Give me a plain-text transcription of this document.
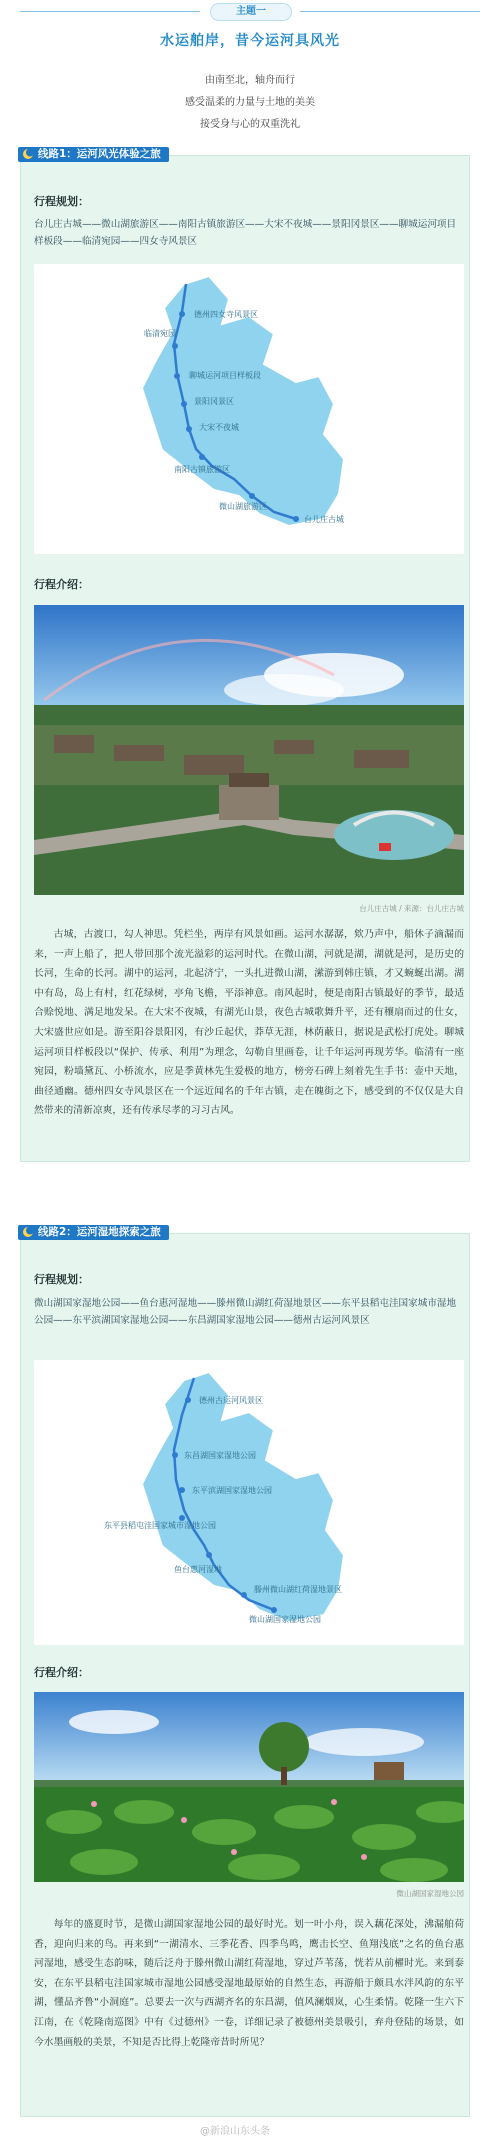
主题一
水运舶岸，昔今运河具风光
由南至北，轴舟而行
感受温柔的力量与土地的美美
接受身与心的双重洗礼
线路1：运河风光体验之旅
行程规划：
台儿庄古城——微山湖旅游区——南阳古镇旅游区——大宋不夜城——景阳冈景区——聊城运河项目样板段——临清宛园——四女寺风景区
德州四女寺风景区
临清宛园
聊城运河项目样板段
景阳冈景区
大宋不夜城
南阳古镇旅游区
微山湖旅游区
台儿庄古城
行程介绍：
台儿庄古城 / 来源：台儿庄古城
古城，古渡口，勾人神思。凭栏坐，两岸有风景如画。运河水潺潺，欸乃声中，船休子滴漏而来，一声上船了，把人带回那个流光溢彩的运河时代。在微山湖，河就是湖，湖就是河，是历史的长河，生命的长河。湖中的运河，北起济宁，一头扎进微山湖，潆游到韩庄镇，才又蜿蜒出湖。湖中有岛，岛上有村，红花绿树，亭角飞檐，平添神意。南风起时，便是南阳古镇最好的季节，最适合赊悦地、满足地发呆。在大宋不夜城，有湖光山景，夜色古城歌舞升平，还有穰扇而过的仕女，大宋盛世应如是。游至阳谷景阳冈，有沙丘起伏，莽草无涯，林荫蔽日，据说是武松打虎处。聊城运河项目样板段以“保护、传承、利用”为理念，勾勒自里画卷，让千年运河再现芳华。临清有一座宛园，粉墙黛瓦、小桥流水，应是季黄林先生爱极的地方，榜旁石碑上刻着先生手书：壶中天地，曲径通幽。德州四女寺风景区在一个远近闻名的千年古镇，走在魄街之下，感受到的不仅仅是大自然带来的清新凉爽，还有传承尽孝的习习古风。
线路2：运河湿地探索之旅
行程规划：
微山湖国家湿地公园——鱼台惠河湿地——滕州微山湖红荷湿地景区——东平县稻屯洼国家城市湿地公园——东平滨湖国家湿地公园——东昌湖国家湿地公园——德州古运河风景区
德州古运河风景区
东昌湖国家湿地公园
东平滨湖国家湿地公园
东平县稻屯洼国家城市湿地公园
鱼台惠河湿地
滕州微山湖红荷湿地景区
微山湖国家湿地公园
行程介绍：
微山湖国家湿地公园
每年的盛夏时节，是微山湖国家湿地公园的最好时光。划一叶小舟，误入藕花深处，沸漏舶荷香，迎向归来的鸟。再来到“一湖清水、三季花香、四季鸟鸣，鹰击长空、鱼翔浅底”之名的鱼台惠河湿地，感受生态韵味，随后泛舟于滕州微山湖红荷湿地，穿过芦苇荡，恍若从前櫂时光。来到泰安，在东平县稻屯洼国家城市湿地公园感受湿地最原始的自然生态，再游船于颇具水泮风韵的东平湖，懂品齐鲁“小洞庭”。总要去一次与西湖齐名的东昌湖，值风澜烟岚，心生柔情。乾隆一生六下江南，在《乾隆南巡图》中有《过德州》一卷，详细记录了被德州美景吸引，弃舟登陆的场景，如今水墨画般的美景，不知是否比得上乾隆帝昔时所见？
@新浪山东头条
